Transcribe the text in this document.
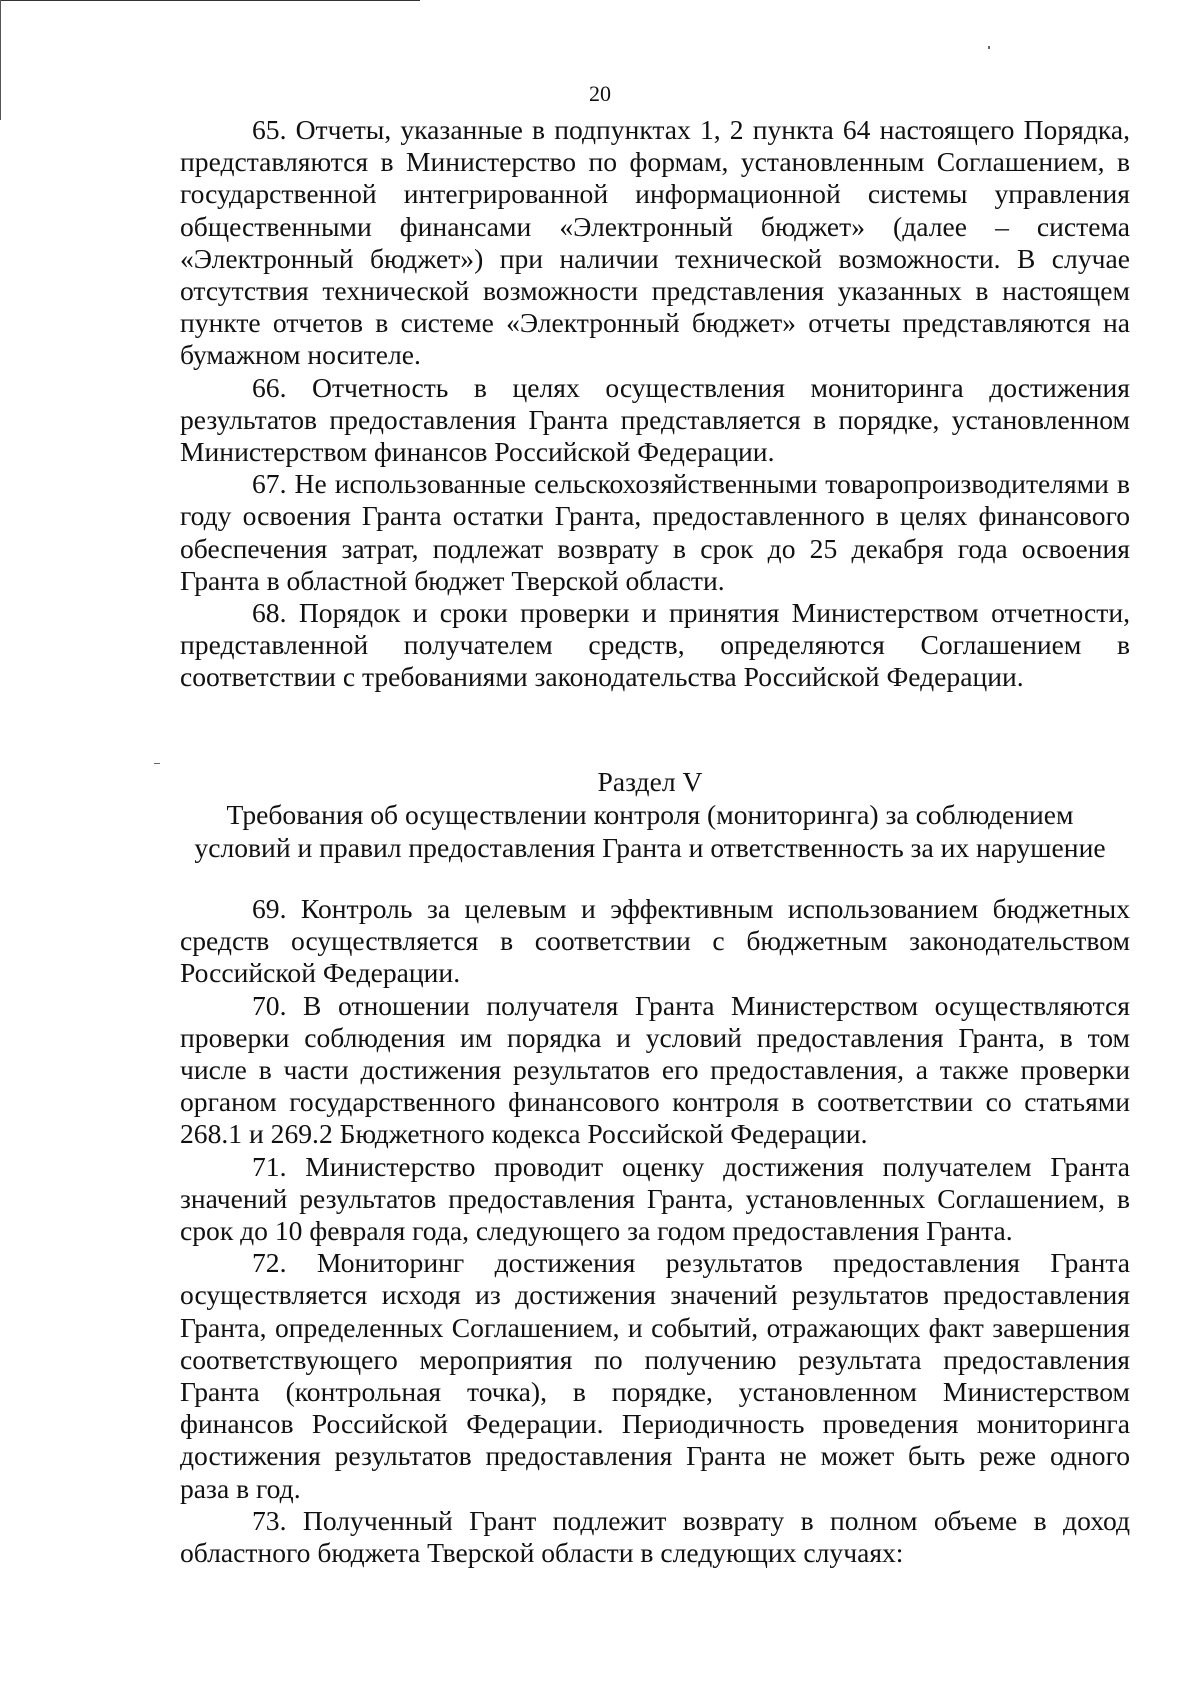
20

65. Отчеты, указанные в подпунктах 1, 2 пункта 64 настоящего Порядка, представляются в Министерство по формам, установленным Соглашением, в государственной интегрированной информационной системы управления общественными финансами «Электронный бюджет» (далее – система «Электронный бюджет») при наличии технической возможности. В случае отсутствия технической возможности представления указанных в настоящем пункте отчетов в системе «Электронный бюджет» отчеты представляются на бумажном носителе.

66. Отчетность в целях осуществления мониторинга достижения результатов предоставления Гранта представляется в порядке, установленном Министерством финансов Российской Федерации.

67. Не использованные сельскохозяйственными товаропроизводителями в году освоения Гранта остатки Гранта, предоставленного в целях финансового обеспечения затрат, подлежат возврату в срок до 25 декабря года освоения Гранта в областной бюджет Тверской области.

68. Порядок и сроки проверки и принятия Министерством отчетности, представленной получателем средств, определяются Соглашением в соответствии с требованиями законодательства Российской Федерации.

Раздел V
Требования об осуществлении контроля (мониторинга) за соблюдением
условий и правил предоставления Гранта и ответственность за их нарушение

69. Контроль за целевым и эффективным использованием бюджетных средств осуществляется в соответствии с бюджетным законодательством Российской Федерации.

70. В отношении получателя Гранта Министерством осуществляются проверки соблюдения им порядка и условий предоставления Гранта, в том числе в части достижения результатов его предоставления, а также проверки органом государственного финансового контроля в соответствии со статьями 268.1 и 269.2 Бюджетного кодекса Российской Федерации.

71. Министерство проводит оценку достижения получателем Гранта значений результатов предоставления Гранта, установленных Соглашением, в срок до 10 февраля года, следующего за годом предоставления Гранта.

72. Мониторинг достижения результатов предоставления Гранта осуществляется исходя из достижения значений результатов предоставления Гранта, определенных Соглашением, и событий, отражающих факт завершения соответствующего мероприятия по получению результата предоставления Гранта (контрольная точка), в порядке, установленном Министерством финансов Российской Федерации. Периодичность проведения мониторинга достижения результатов предоставления Гранта не может быть реже одного раза в год.

73. Полученный Грант подлежит возврату в полном объеме в доход областного бюджета Тверской области в следующих случаях:
